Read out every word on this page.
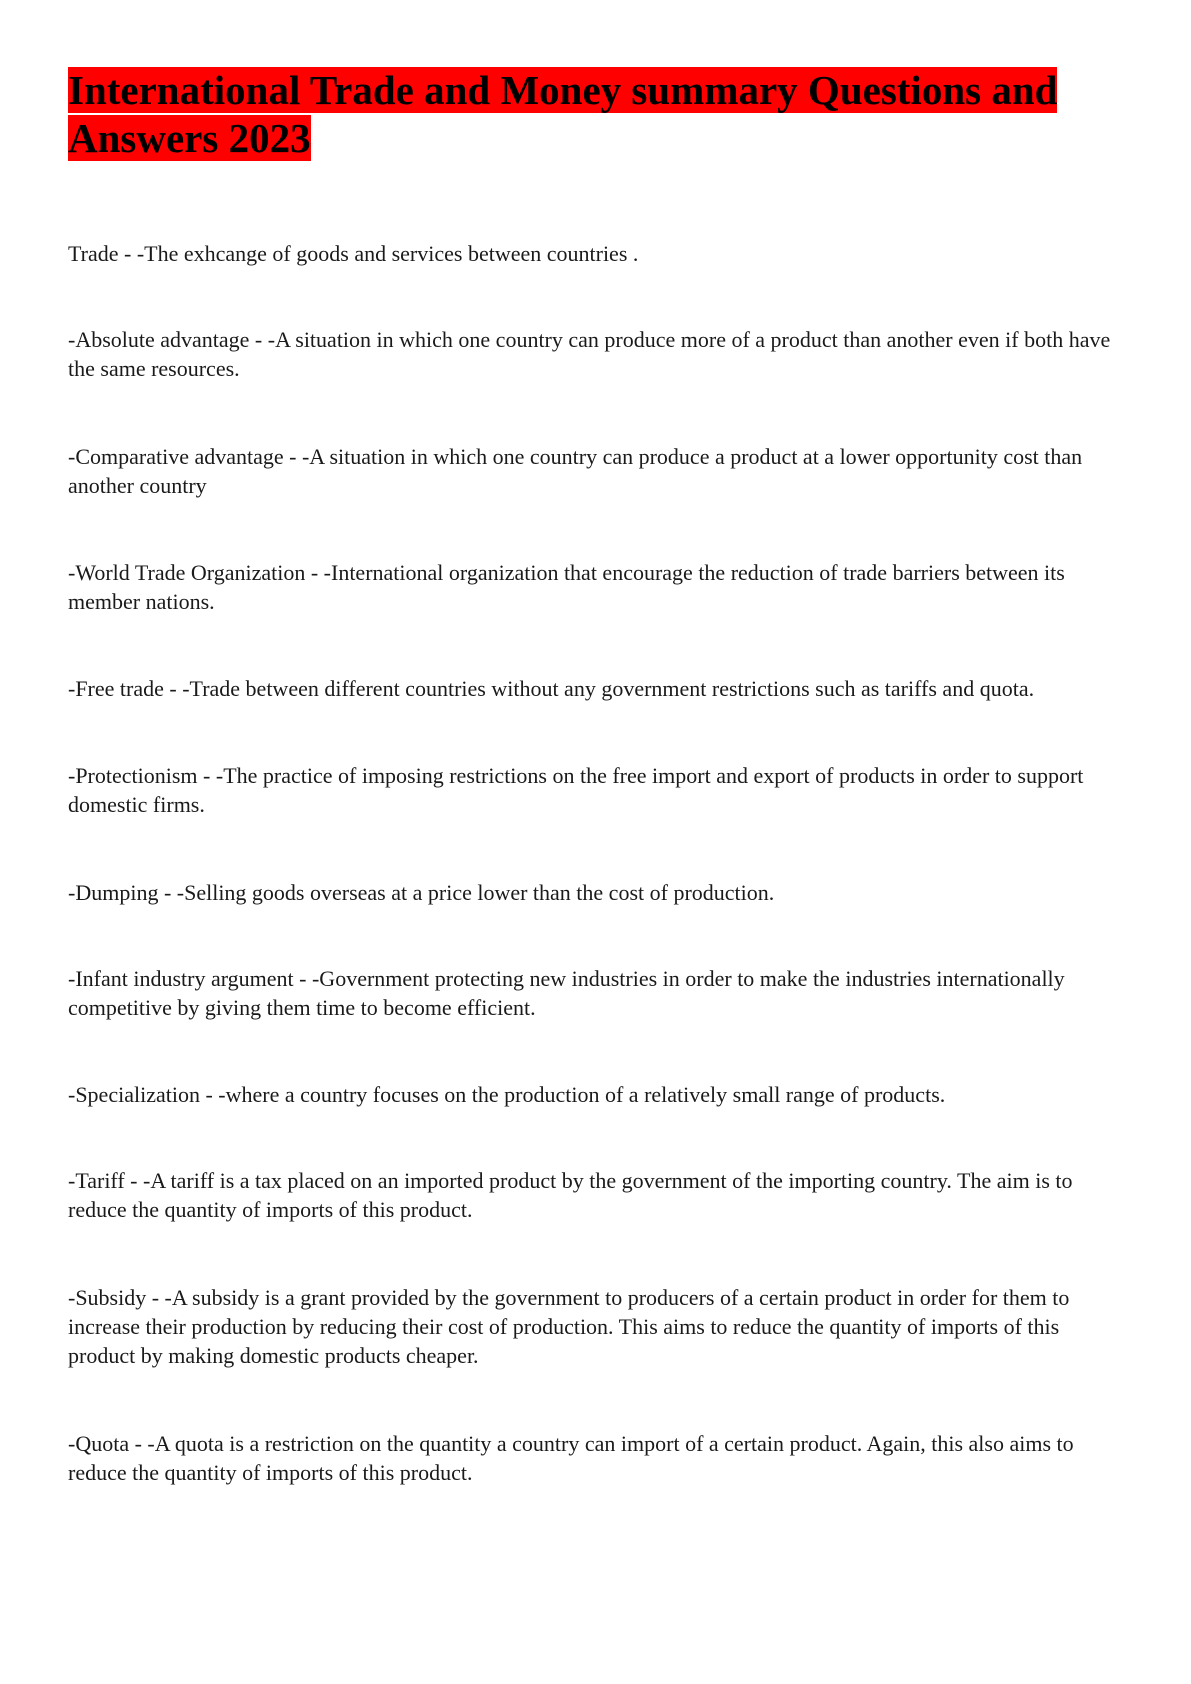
International Trade and Money summary Questions and Answers 2023

Trade - -The exhcange of goods and services between countries .

-Absolute advantage - -A situation in which one country can produce more of a product than another even if both have the same resources.

-Comparative advantage - -A situation in which one country can produce a product at a lower opportunity cost than another country

-World Trade Organization - -International organization that encourage the reduction of trade barriers between its member nations.

-Free trade - -Trade between different countries without any government restrictions such as tariffs and quota.

-Protectionism - -The practice of imposing restrictions on the free import and export of products in order to support domestic firms.

-Dumping - -Selling goods overseas at a price lower than the cost of production.

-Infant industry argument - -Government protecting new industries in order to make the industries internationally competitive by giving them time to become efficient.

-Specialization - -where a country focuses on the production of a relatively small range of products.

-Tariff - -A tariff is a tax placed on an imported product by the government of the importing country. The aim is to reduce the quantity of imports of this product.

-Subsidy - -A subsidy is a grant provided by the government to producers of a certain product in order for them to increase their production by reducing their cost of production. This aims to reduce the quantity of imports of this product by making domestic products cheaper.

-Quota - -A quota is a restriction on the quantity a country can import of a certain product. Again, this also aims to reduce the quantity of imports of this product.
